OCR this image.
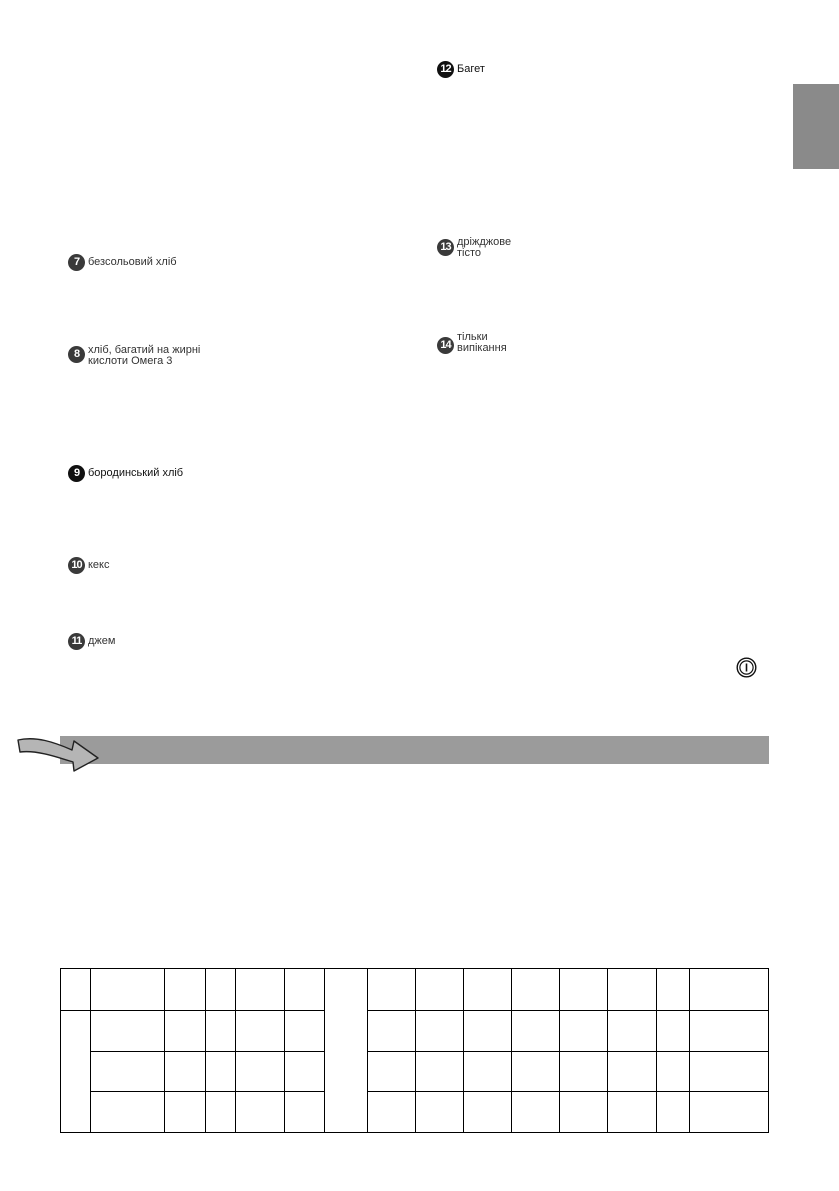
7 безсольовий хліб
8 хліб, багатий на жирні
кислоти Омега 3
9 бородинський хліб
10 кекс
11 джем
12 Багет
13 дріжджове
тісто
14
тільки
випікання
